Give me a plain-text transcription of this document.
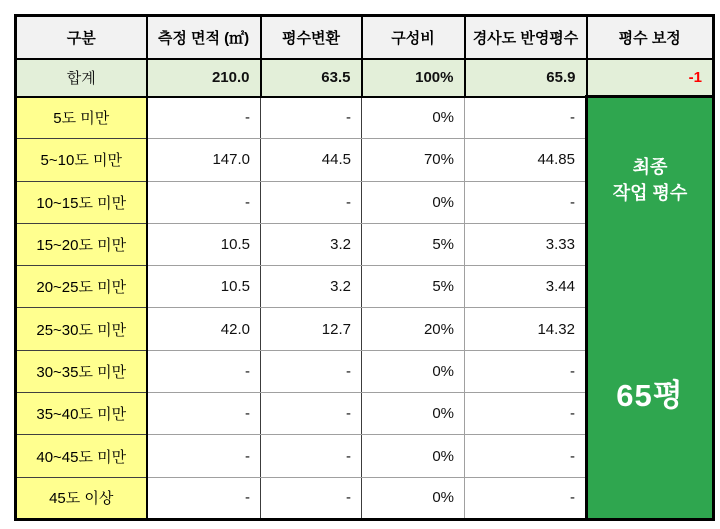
구분	측정 면적 (㎡)	평수변환	구성비	경사도 반영평수	평수 보정
합계	210.0	63.5	100%	65.9	-1
5도 미만	-	-	0%	-	최종
작업 평수
65평

5~10도 미만	147.0	44.5	70%	44.85	
10~15도 미만	-	-	0%	-	
15~20도 미만	10.5	3.2	5%	3.33	
20~25도 미만	10.5	3.2	5%	3.44	
25~30도 미만	42.0	12.7	20%	14.32	
30~35도 미만	-	-	0%	-	
35~40도 미만	-	-	0%	-	
40~45도 미만	-	-	0%	-	
45도 이상	-	-	0%	-	
